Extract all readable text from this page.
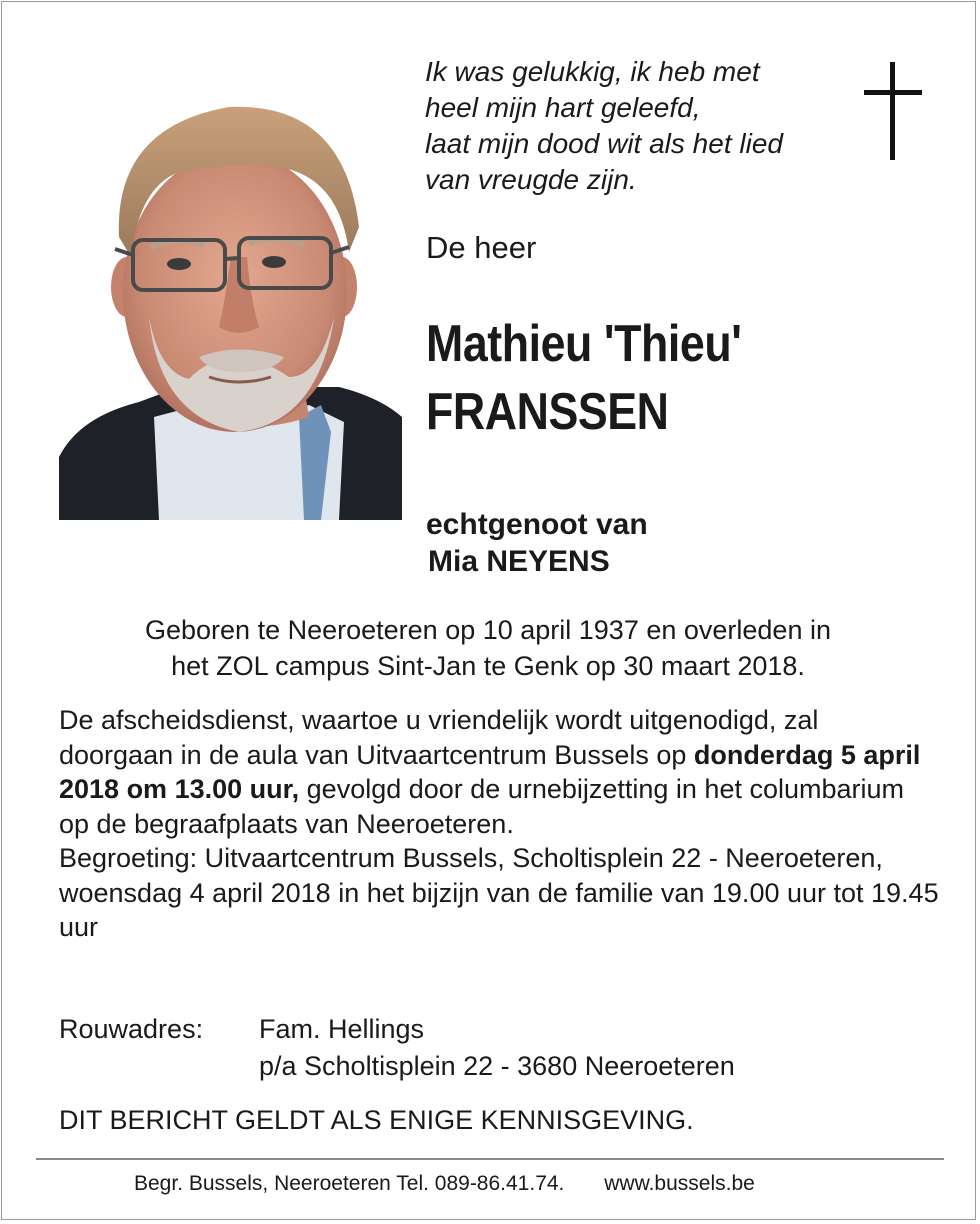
Ik was gelukkig, ik heb met
heel mijn hart geleefd,
laat mijn dood wit als het lied
van vreugde zijn.
De heer
Mathieu 'Thieu'
FRANSSEN
echtgenoot van
Mia NEYENS
Geboren te Neeroeteren op 10 april 1937 en overleden in
het ZOL campus Sint-Jan te Genk op 30 maart 2018.
De afscheidsdienst, waartoe u vriendelijk wordt uitgenodigd, zal doorgaan in de aula van Uitvaartcentrum Bussels op donderdag 5 april 2018 om 13.00 uur, gevolgd door de urnebijzetting in het columbarium op de begraafplaats van Neeroeteren.
Begroeting: Uitvaartcentrum Bussels, Scholtisplein 22 - Neeroeteren, woensdag 4 april 2018 in het bijzijn van de familie van 19.00 uur tot 19.45 uur
Rouwadres: Fam. Hellings
p/a Scholtisplein 22 - 3680 Neeroeteren
DIT BERICHT GELDT ALS ENIGE KENNISGEVING.
Begr. Bussels, Neeroeteren Tel. 089-86.41.74. www.bussels.be
